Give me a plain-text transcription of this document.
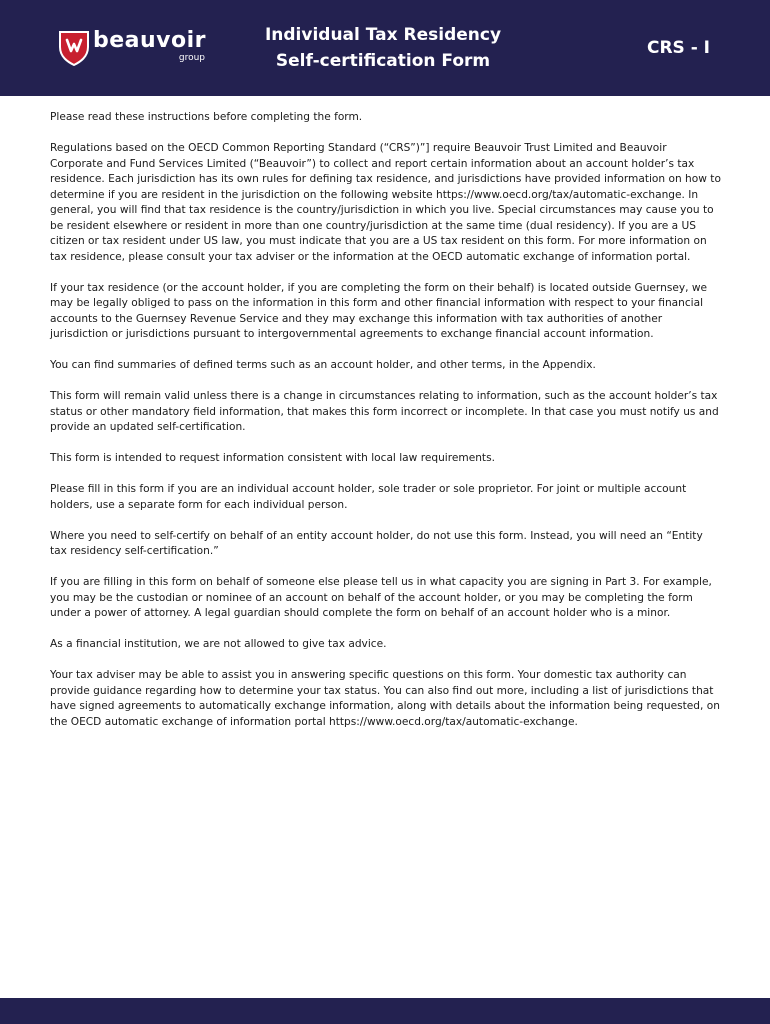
beauvoir
group
Individual Tax Residency
Self-certification Form
CRS - I

Please read these instructions before completing the form.

Regulations based on the OECD Common Reporting Standard (“CRS”)”] require Beauvoir Trust Limited and Beauvoir Corporate and Fund Services Limited (“Beauvoir”) to collect and report certain information about an account holder’s tax residence. Each jurisdiction has its own rules for defining tax residence, and jurisdictions have provided information on how to determine if you are resident in the jurisdiction on the following website https://www.oecd.org/tax/automatic-exchange. In general, you will find that tax residence is the country/jurisdiction in which you live. Special circumstances may cause you to be resident elsewhere or resident in more than one country/jurisdiction at the same time (dual residency). If you are a US citizen or tax resident under US law, you must indicate that you are a US tax resident on this form. For more information on tax residence, please consult your tax adviser or the information at the OECD automatic exchange of information portal.

If your tax residence (or the account holder, if you are completing the form on their behalf) is located outside Guernsey, we may be legally obliged to pass on the information in this form and other financial information with respect to your financial accounts to the Guernsey Revenue Service and they may exchange this information with tax authorities of another jurisdiction or jurisdictions pursuant to intergovernmental agreements to exchange financial account information.

You can find summaries of defined terms such as an account holder, and other terms, in the Appendix.

This form will remain valid unless there is a change in circumstances relating to information, such as the account holder’s tax status or other mandatory field information, that makes this form incorrect or incomplete. In that case you must notify us and provide an updated self-certification.

This form is intended to request information consistent with local law requirements.

Please fill in this form if you are an individual account holder, sole trader or sole proprietor. For joint or multiple account holders, use a separate form for each individual person.

Where you need to self-certify on behalf of an entity account holder, do not use this form. Instead, you will need an “Entity tax residency self-certification.”

If you are filling in this form on behalf of someone else please tell us in what capacity you are signing in Part 3. For example, you may be the custodian or nominee of an account on behalf of the account holder, or you may be completing the form under a power of attorney. A legal guardian should complete the form on behalf of an account holder who is a minor.

As a financial institution, we are not allowed to give tax advice.

Your tax adviser may be able to assist you in answering specific questions on this form. Your domestic tax authority can provide guidance regarding how to determine your tax status. You can also find out more, including a list of jurisdictions that have signed agreements to automatically exchange information, along with details about the information being requested, on the OECD automatic exchange of information portal https://www.oecd.org/tax/automatic-exchange.
